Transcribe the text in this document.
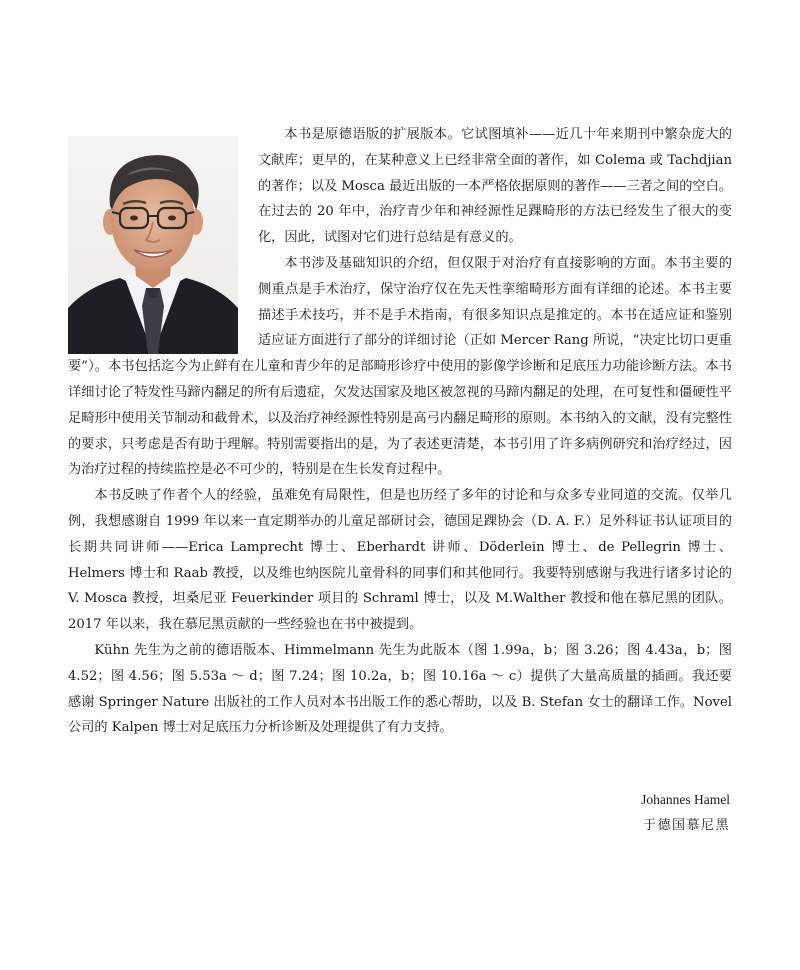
本书是原德语版的扩展版本。它试图填补——近几十年来期刊中繁杂庞大的文献库；更早的，在某种意义上已经非常全面的著作，如 Colema 或 Tachdjian 的著作；以及 Mosca 最近出版的一本严格依据原则的著作——三者之间的空白。在过去的 20 年中，治疗青少年和神经源性足踝畸形的方法已经发生了很大的变化，因此，试图对它们进行总结是有意义的。

本书涉及基础知识的介绍，但仅限于对治疗有直接影响的方面。本书主要的侧重点是手术治疗，保守治疗仅在先天性挛缩畸形方面有详细的论述。本书主要描述手术技巧，并不是手术指南，有很多知识点是推定的。本书在适应证和鉴别适应证方面进行了部分的详细讨论（正如 Mercer Rang 所说，“决定比切口更重要”）。本书包括迄今为止鲜有在儿童和青少年的足部畸形诊疗中使用的影像学诊断和足底压力功能诊断方法。本书详细讨论了特发性马蹄内翻足的所有后遗症，欠发达国家及地区被忽视的马蹄内翻足的处理，在可复性和僵硬性平足畸形中使用关节制动和截骨术，以及治疗神经源性特别是高弓内翻足畸形的原则。本书纳入的文献，没有完整性的要求，只考虑是否有助于理解。特别需要指出的是，为了表述更清楚，本书引用了许多病例研究和治疗经过，因为治疗过程的持续监控是必不可少的，特别是在生长发育过程中。

本书反映了作者个人的经验，虽难免有局限性，但是也历经了多年的讨论和与众多专业同道的交流。仅举几例，我想感谢自 1999 年以来一直定期举办的儿童足部研讨会，德国足踝协会（D. A. F.）足外科证书认证项目的长期共同讲师——Erica Lamprecht 博士、Eberhardt 讲师、Döderlein 博士、de Pellegrin 博士、Helmers 博士和 Raab 教授，以及维也纳医院儿童骨科的同事们和其他同行。我要特别感谢与我进行诸多讨论的 V. Mosca 教授，坦桑尼亚 Feuerkinder 项目的 Schraml 博士，以及 M.Walther 教授和他在慕尼黑的团队。2017 年以来，我在慕尼黑贡献的一些经验也在书中被提到。

Kühn 先生为之前的德语版本、Himmelmann 先生为此版本（图 1.99a，b；图 3.26；图 4.43a，b；图 4.52；图 4.56；图 5.53a ～ d；图 7.24；图 10.2a，b；图 10.16a ～ c）提供了大量高质量的插画。我还要感谢 Springer Nature 出版社的工作人员对本书出版工作的悉心帮助，以及 B. Stefan 女士的翻译工作。Novel 公司的 Kalpen 博士对足底压力分析诊断及处理提供了有力支持。

Johannes Hamel
于德国慕尼黑
